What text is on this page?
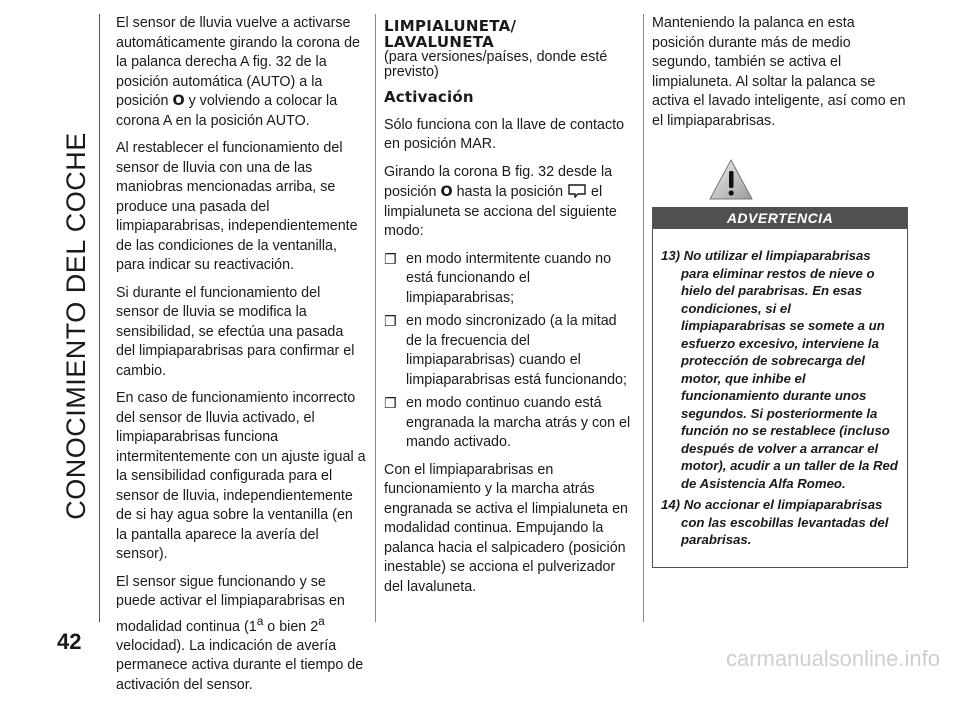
CONOCIMIENTO DEL COCHE
42

El sensor de lluvia vuelve a activarse automáticamente girando la corona de la palanca derecha A fig. 32 de la posición automática (AUTO) a la posición O y volviendo a colocar la corona A en la posición AUTO.

Al restablecer el funcionamiento del sensor de lluvia con una de las maniobras mencionadas arriba, se produce una pasada del limpiaparabrisas, independientemente de las condiciones de la ventanilla, para indicar su reactivación.

Si durante el funcionamiento del sensor de lluvia se modifica la sensibilidad, se efectúa una pasada del limpiaparabrisas para confirmar el cambio.

En caso de funcionamiento incorrecto del sensor de lluvia activado, el limpiaparabrisas funciona intermitentemente con un ajuste igual a la sensibilidad configurada para el sensor de lluvia, independientemente de si hay agua sobre la ventanilla (en la pantalla aparece la avería del sensor).

El sensor sigue funcionando y se puede activar el limpiaparabrisas en modalidad continua (1$^a$ o bien 2$^a$ velocidad). La indicación de avería permanece activa durante el tiempo de activación del sensor.

LIMPIALUNETA/
LAVALUNETA

(para versiones/países, donde esté previsto)

Activación

Sólo funciona con la llave de contacto en posición MAR.

Girando la corona B fig. 32 desde la posición O hasta la posición  el limpialuneta se acciona del siguiente modo:

❒ en modo intermitente cuando no está funcionando el limpiaparabrisas;
❒ en modo sincronizado (a la mitad de la frecuencia del limpiaparabrisas) cuando el limpiaparabrisas está funcionando;
❒ en modo continuo cuando está engranada la marcha atrás y con el mando activado.

Con el limpiaparabrisas en funcionamiento y la marcha atrás engranada se activa el limpialuneta en modalidad continua. Empujando la palanca hacia el salpicadero (posición inestable) se acciona el pulverizador del lavaluneta.

Manteniendo la palanca en esta posición durante más de medio segundo, también se activa el limpialuneta. Al soltar la palanca se activa el lavado inteligente, así como en el limpiaparabrisas.

ADVERTENCIA
13) No utilizar el limpiaparabrisas para eliminar restos de nieve o hielo del parabrisas. En esas condiciones, si el limpiaparabrisas se somete a un esfuerzo excesivo, interviene la protección de sobrecarga del motor, que inhibe el funcionamiento durante unos segundos. Si posteriormente la función no se restablece (incluso después de volver a arrancar el motor), acudir a un taller de la Red de Asistencia Alfa Romeo.
14) No accionar el limpiaparabrisas con las escobillas levantadas del parabrisas.
carmanualsonline.info
